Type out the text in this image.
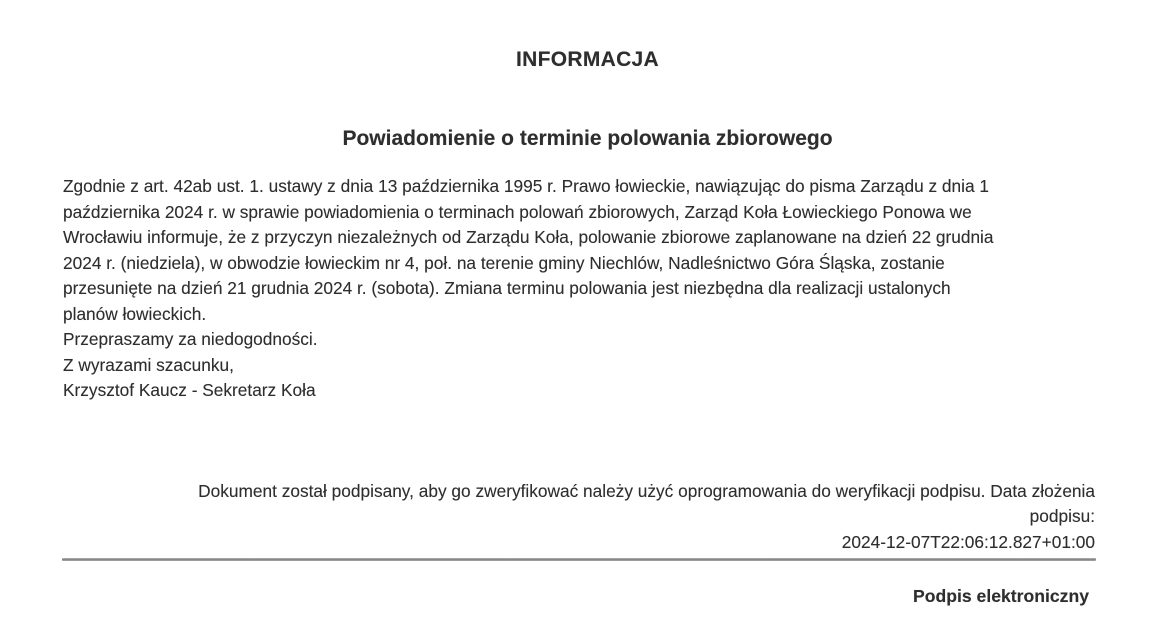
INFORMACJA
Powiadomienie o terminie polowania zbiorowego
Zgodnie z art. 42ab ust. 1. ustawy z dnia 13 października 1995 r. Prawo łowieckie, nawiązując do pisma Zarządu z dnia 1
października 2024 r. w sprawie powiadomienia o terminach polowań zbiorowych, Zarząd Koła Łowieckiego Ponowa we
Wrocławiu informuje, że z przyczyn niezależnych od Zarządu Koła, polowanie zbiorowe zaplanowane na dzień 22 grudnia
2024 r. (niedziela), w obwodzie łowieckim nr 4, poł. na terenie gminy Niechlów, Nadleśnictwo Góra Śląska, zostanie
przesunięte na dzień 21 grudnia 2024 r. (sobota). Zmiana terminu polowania jest niezbędna dla realizacji ustalonych
planów łowieckich.
Przepraszamy za niedogodności.
Z wyrazami szacunku,
Krzysztof Kaucz - Sekretarz Koła
Dokument został podpisany, aby go zweryfikować należy użyć oprogramowania do weryfikacji podpisu. Data złożenia
podpisu:
2024-12-07T22:06:12.827+01:00
Podpis elektroniczny
